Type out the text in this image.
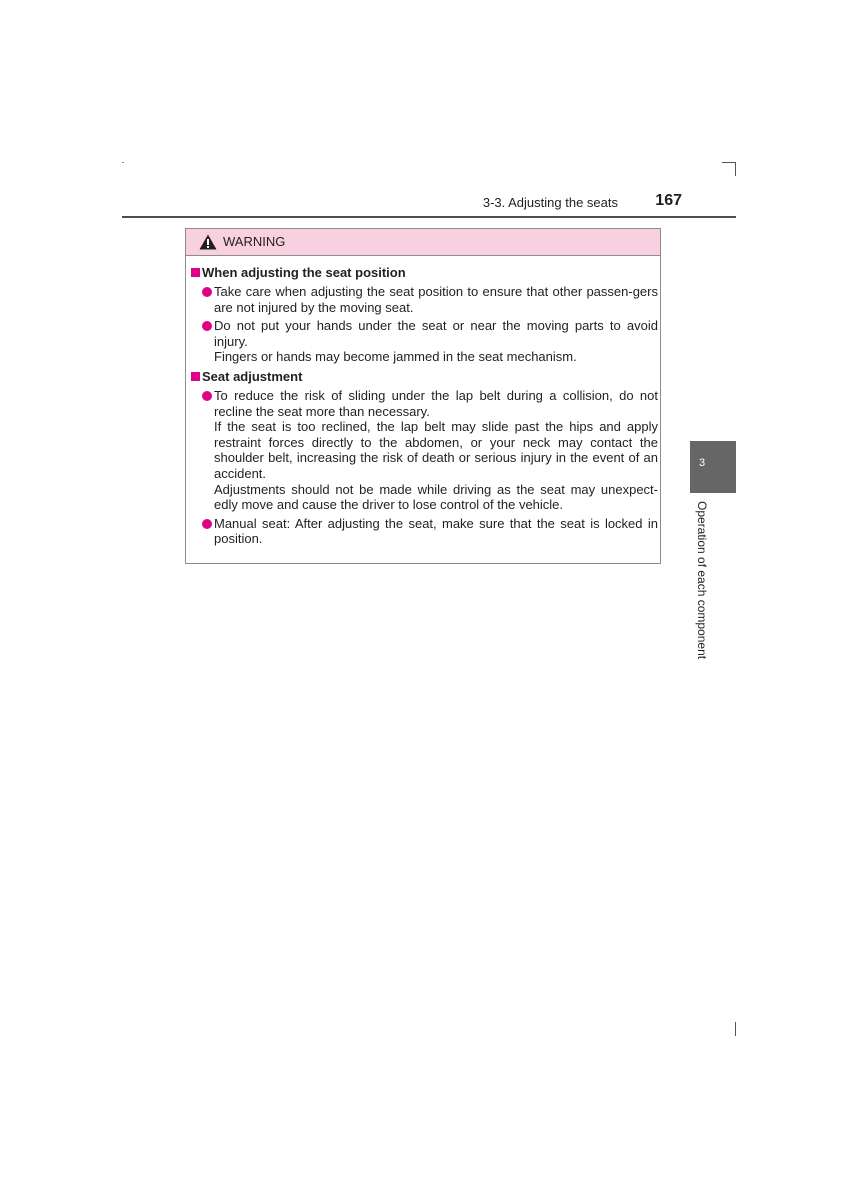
3-3. Adjusting the seats	167
3
Operation of each component
WARNING
When adjusting the seat position

Take care when adjusting the seat position to ensure that other passen-gers are not injured by the moving seat.

Do not put your hands under the seat or near the moving parts to avoid injury.

Fingers or hands may become jammed in the seat mechanism.

Seat adjustment

To reduce the risk of sliding under the lap belt during a collision, do not recline the seat more than necessary.

If the seat is too reclined, the lap belt may slide past the hips and apply restraint forces directly to the abdomen, or your neck may contact the shoulder belt, increasing the risk of death or serious injury in the event of an accident.

Adjustments should not be made while driving as the seat may unexpect-edly move and cause the driver to lose control of the vehicle.

Manual seat: After adjusting the seat, make sure that the seat is locked in position.
